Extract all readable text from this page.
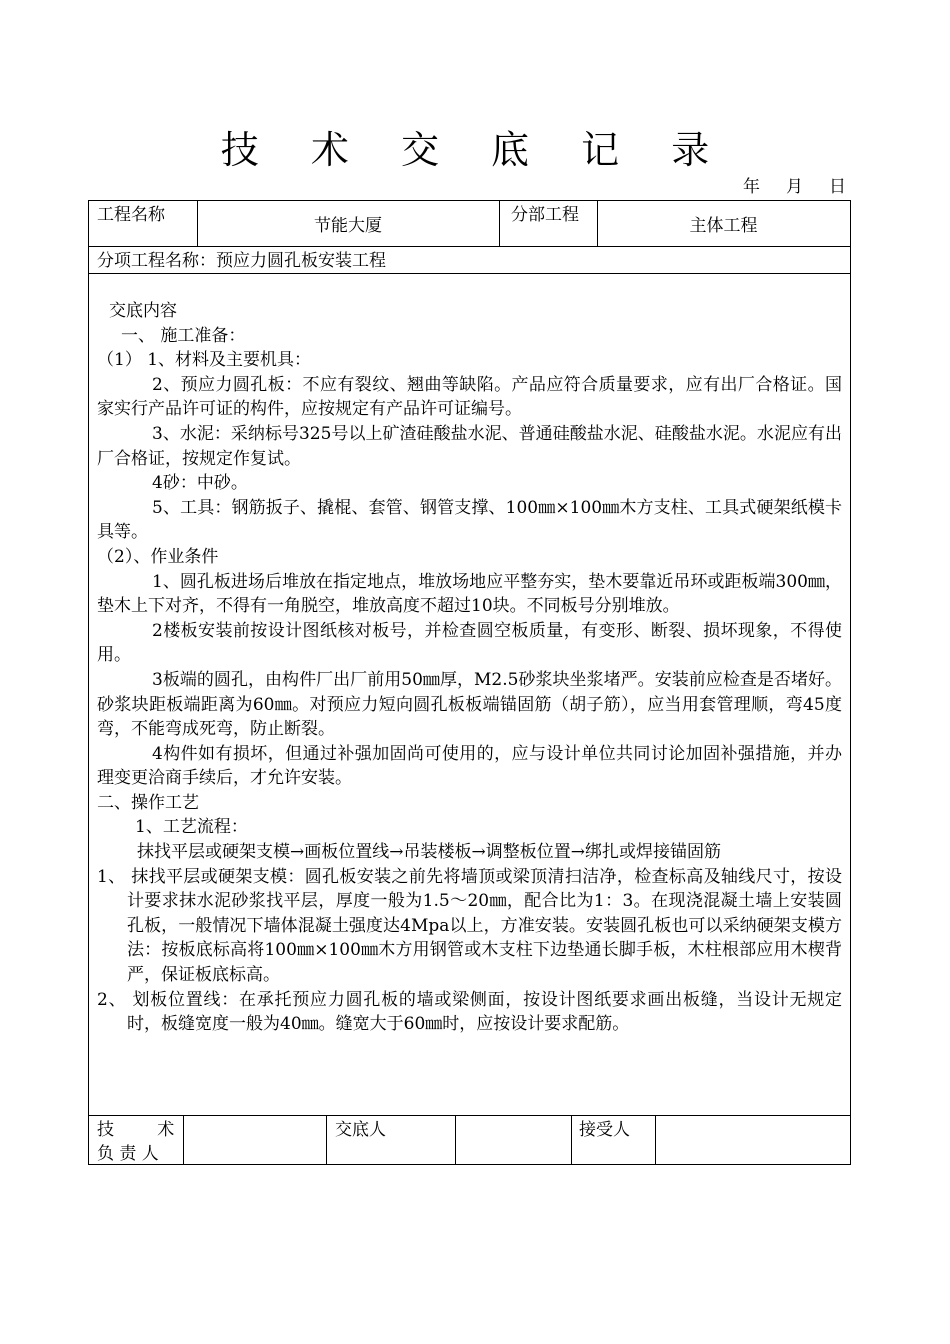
技 术 交 底 记 录
年 月 日
工程名称
节能大厦
分部工程
主体工程
分项工程名称：预应力圆孔板安装工程

交底内容

一、 施工准备：

（1） 1、材料及主要机具：

2、预应力圆孔板：不应有裂纹、翘曲等缺陷。产品应符合质量要求，应有出厂合格证。国家实行产品许可证的构件，应按规定有产品许可证编号。

3、水泥：采纳标号325号以上矿渣硅酸盐水泥、普通硅酸盐水泥、硅酸盐水泥。水泥应有出厂合格证，按规定作复试。

4砂：中砂。

5、工具：钢筋扳子、撬棍、套管、钢管支撑、100㎜×100㎜木方支柱、工具式硬架纸模卡具等。

（2）、作业条件

1、圆孔板进场后堆放在指定地点，堆放场地应平整夯实，垫木要靠近吊环或距板端300㎜，垫木上下对齐，不得有一角脱空，堆放高度不超过10块。不同板号分别堆放。

2楼板安装前按设计图纸核对板号，并检查圆空板质量，有变形、断裂、损坏现象，不得使用。

3板端的圆孔，由构件厂出厂前用50㎜厚，M2.5砂浆块坐浆堵严。安装前应检查是否堵好。砂浆块距板端距离为60㎜。对预应力短向圆孔板板端锚固筋（胡子筋），应当用套管理顺，弯45度弯，不能弯成死弯，防止断裂。

4构件如有损坏，但通过补强加固尚可使用的，应与设计单位共同讨论加固补强措施，并办理变更洽商手续后，才允许安装。

二、操作工艺

1、工艺流程：

抹找平层或硬架支模→画板位置线→吊装楼板→调整板位置→绑扎或焊接锚固筋

1、 抹找平层或硬架支模：圆孔板安装之前先将墙顶或梁顶清扫洁净，检查标高及轴线尺寸，按设计要求抹水泥砂浆找平层，厚度一般为1.5～20㎜，配合比为1：3。在现浇混凝土墙上安装圆孔板，一般情况下墙体混凝土强度达4Mpa以上，方准安装。安装圆孔板也可以采纳硬架支模方法：按板底标高将100㎜×100㎜木方用钢管或木支柱下边垫通长脚手板，木柱根部应用木楔背严，保证板底标高。

2、 划板位置线：在承托预应力圆孔板的墙或梁侧面，按设计图纸要求画出板缝，当设计无规定时，板缝宽度一般为40㎜。缝宽大于60㎜时，应按设计要求配筋。

技        术
负 责 人
交底人	接受人
